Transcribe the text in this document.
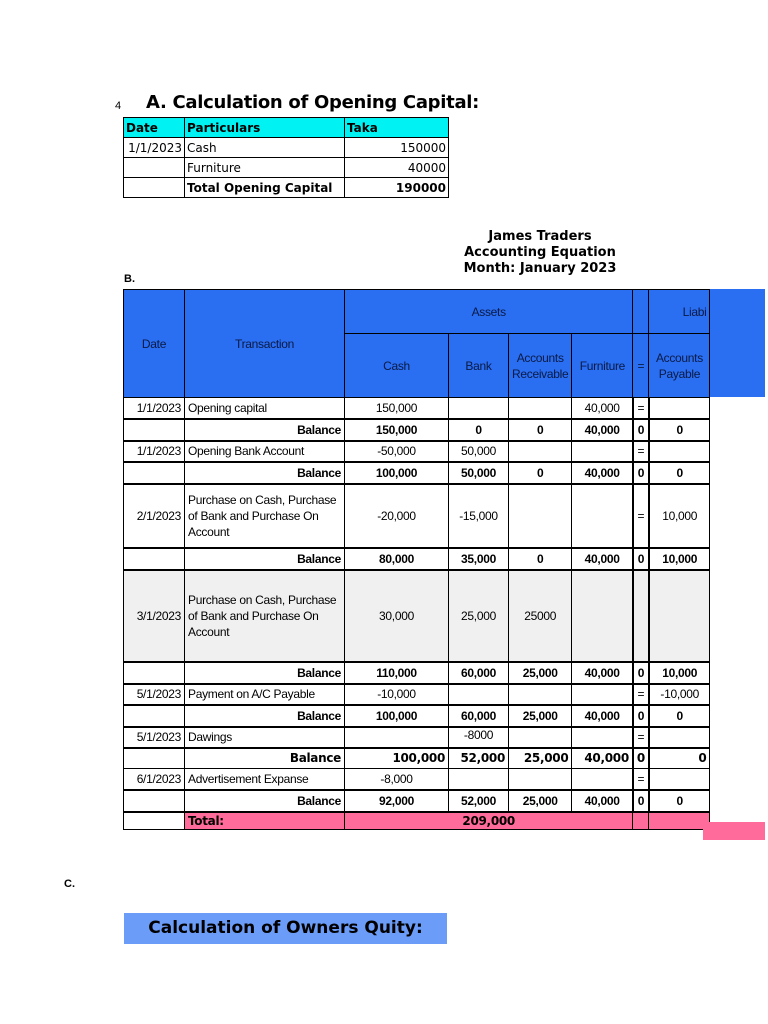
4 A. Calculation of Opening Capital:
Date	Particulars	Taka
1/1/2023	Cash	150000
	Furniture	40000
	Total Opening Capital	190000
James Traders
Accounting Equation
Month: January 2023
B.
Date	Transaction	Assets					Liabi
		Cash	Bank	Accounts Receivable	Furniture	=	Accounts Payable
1/1/2023	Opening capital	150,000			40,000	=	
	Balance	150,000	0	0	40,000	0	0
1/1/2023	Opening Bank Account	-50,000	50,000			=	
	Balance	100,000	50,000	0	40,000	0	0
2/1/2023	Purchase on Cash, Purchase of Bank and Purchase On Account	-20,000	-15,000			=	10,000
	Balance	80,000	35,000	0	40,000	0	10,000
3/1/2023	Purchase on Cash, Purchase of Bank and Purchase On Account	30,000	25,000	25000			
	Balance	110,000	60,000	25,000	40,000	0	10,000
5/1/2023	Payment on A/C Payable	-10,000				=	-10,000
	Balance	100,000	60,000	25,000	40,000	0	0
5/1/2023	Dawings		-8000			=	
	Balance	100,000	52,000	25,000	40,000	0	0
6/1/2023	Advertisement Expanse	-8,000				=	
	Balance	92,000	52,000	25,000	40,000	0	0
	Total:	209,000					
C.
Calculation of Owners Quity:
